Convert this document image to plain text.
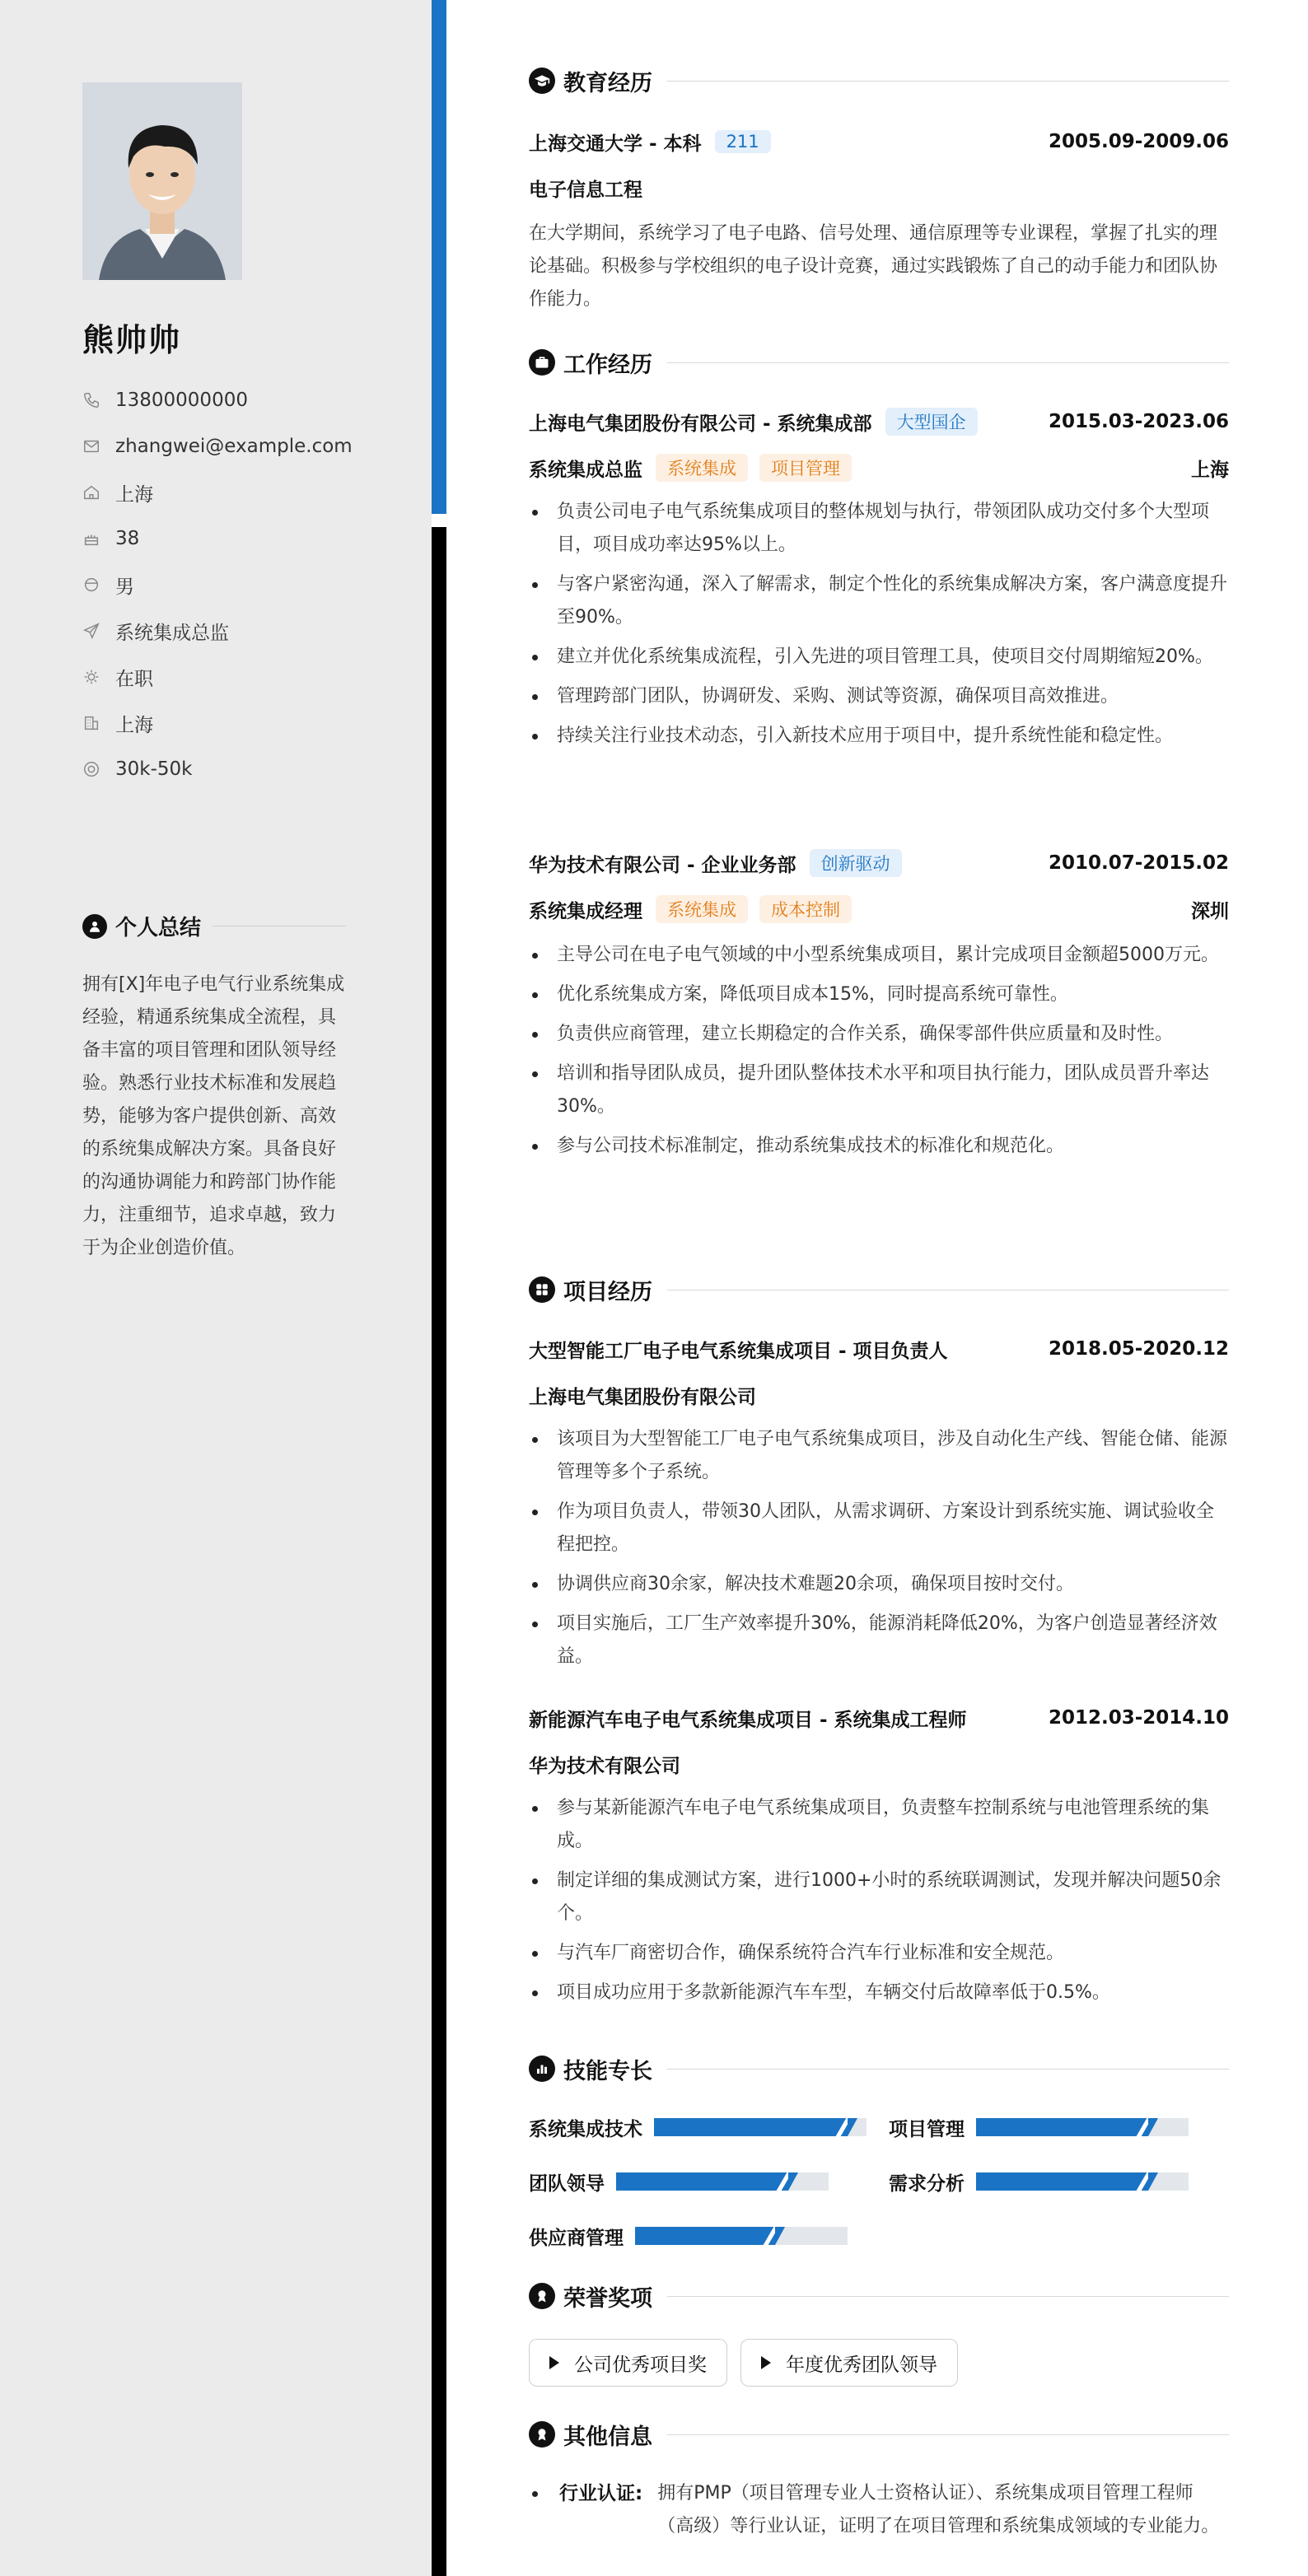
熊帅帅
13800000000
zhangwei@example.com
上海
38
男
系统集成总监
在职
上海
30k-50k
个人总结
拥有[X]年电子电气行业系统集成经验，精通系统集成全流程，具备丰富的项目管理和团队领导经验。熟悉行业技术标准和发展趋势，能够为客户提供创新、高效的系统集成解决方案。具备良好的沟通协调能力和跨部门协作能力，注重细节，追求卓越，致力于为企业创造价值。
教育经历
上海交通大学 - 本科	211	2005.09-2009.06
电子信息工程
在大学期间，系统学习了电子电路、信号处理、通信原理等专业课程，掌握了扎实的理论基础。积极参与学校组织的电子设计竞赛，通过实践锻炼了自己的动手能力和团队协作能力。
工作经历
上海电气集团股份有限公司 - 系统集成部	大型国企	2015.03-2023.06
系统集成总监	系统集成	项目管理	上海
负责公司电子电气系统集成项目的整体规划与执行，带领团队成功交付多个大型项目，项目成功率达95%以上。
与客户紧密沟通，深入了解需求，制定个性化的系统集成解决方案，客户满意度提升至90%。
建立并优化系统集成流程，引入先进的项目管理工具，使项目交付周期缩短20%。
管理跨部门团队，协调研发、采购、测试等资源，确保项目高效推进。
持续关注行业技术动态，引入新技术应用于项目中，提升系统性能和稳定性。
华为技术有限公司 - 企业业务部	创新驱动	2010.07-2015.02
系统集成经理	系统集成	成本控制	深圳
主导公司在电子电气领域的中小型系统集成项目，累计完成项目金额超5000万元。
优化系统集成方案，降低项目成本15%，同时提高系统可靠性。
负责供应商管理，建立长期稳定的合作关系，确保零部件供应质量和及时性。
培训和指导团队成员，提升团队整体技术水平和项目执行能力，团队成员晋升率达30%。
参与公司技术标准制定，推动系统集成技术的标准化和规范化。
项目经历
大型智能工厂电子电气系统集成项目 - 项目负责人	2018.05-2020.12
上海电气集团股份有限公司
该项目为大型智能工厂电子电气系统集成项目，涉及自动化生产线、智能仓储、能源管理等多个子系统。
作为项目负责人，带领30人团队，从需求调研、方案设计到系统实施、调试验收全程把控。
协调供应商30余家，解决技术难题20余项，确保项目按时交付。
项目实施后，工厂生产效率提升30%，能源消耗降低20%，为客户创造显著经济效益。
新能源汽车电子电气系统集成项目 - 系统集成工程师	2012.03-2014.10
华为技术有限公司
参与某新能源汽车电子电气系统集成项目，负责整车控制系统与电池管理系统的集成。
制定详细的集成测试方案，进行1000+小时的系统联调测试，发现并解决问题50余个。
与汽车厂商密切合作，确保系统符合汽车行业标准和安全规范。
项目成功应用于多款新能源汽车车型，车辆交付后故障率低于0.5%。
技能专长
系统集成技术	项目管理
团队领导	需求分析
供应商管理
荣誉奖项
公司优秀项目奖	年度优秀团队领导
其他信息
行业认证: 拥有PMP（项目管理专业人士资格认证）、系统集成项目管理工程师（高级）等行业认证，证明了在项目管理和系统集成领域的专业能力。
